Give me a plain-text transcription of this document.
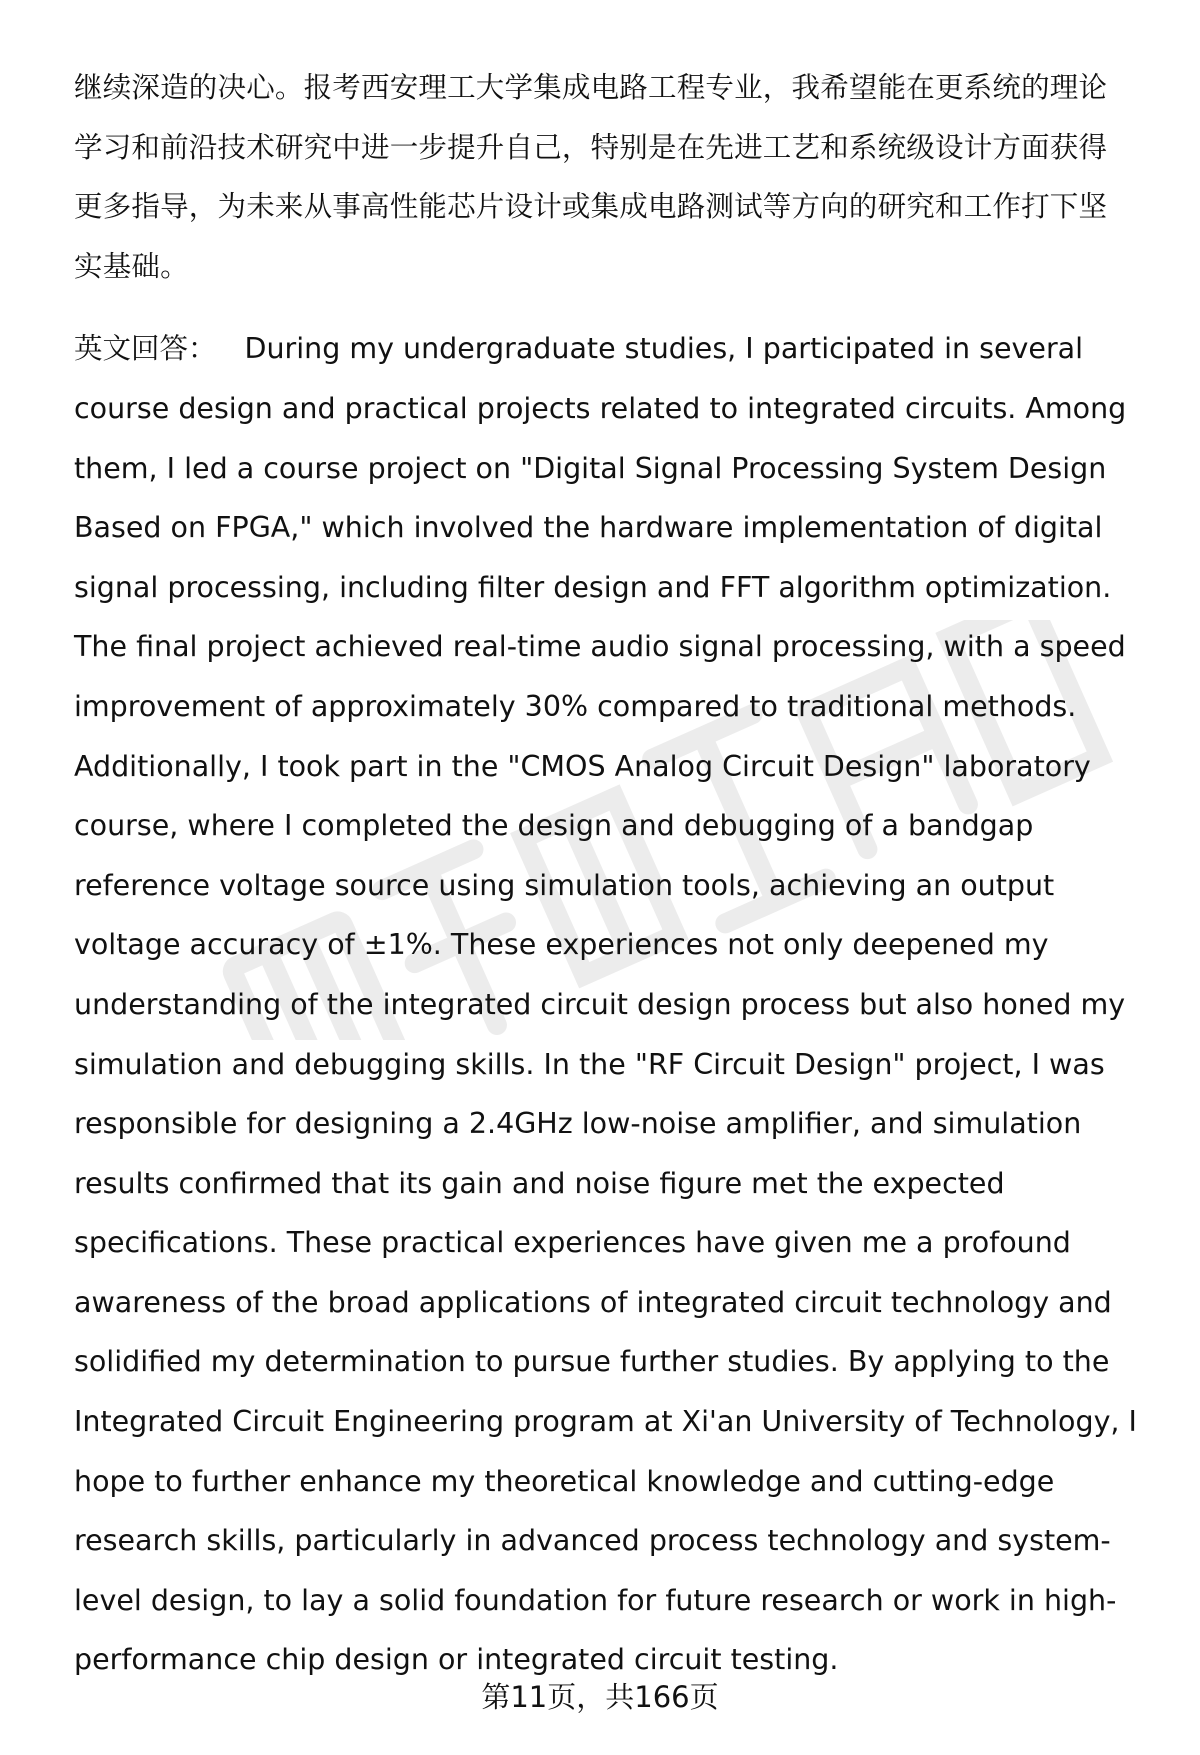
继续深造的决心。报考西安理工大学集成电路工程专业，我希望能在更系统的理论
学习和前沿技术研究中进一步提升自己，特别是在先进工艺和系统级设计方面获得
更多指导，为未来从事高性能芯片设计或集成电路测试等方向的研究和工作打下坚
实基础。

英文回答： During my undergraduate studies, I participated in several
course design and practical projects related to integrated circuits. Among
them, I led a course project on "Digital Signal Processing System Design
Based on FPGA," which involved the hardware implementation of digital
signal processing, including filter design and FFT algorithm optimization.
The final project achieved real-time audio signal processing, with a speed
improvement of approximately 30% compared to traditional methods.
Additionally, I took part in the "CMOS Analog Circuit Design" laboratory
course, where I completed the design and debugging of a bandgap
reference voltage source using simulation tools, achieving an output
voltage accuracy of ±1%. These experiences not only deepened my
understanding of the integrated circuit design process but also honed my
simulation and debugging skills. In the "RF Circuit Design" project, I was
responsible for designing a 2.4GHz low-noise amplifier, and simulation
results confirmed that its gain and noise figure met the expected
specifications. These practical experiences have given me a profound
awareness of the broad applications of integrated circuit technology and
solidified my determination to pursue further studies. By applying to the
Integrated Circuit Engineering program at Xi'an University of Technology, I
hope to further enhance my theoretical knowledge and cutting-edge
research skills, particularly in advanced process technology and system-
level design, to lay a solid foundation for future research or work in high-
performance chip design or integrated circuit testing.

第11页，共166页
